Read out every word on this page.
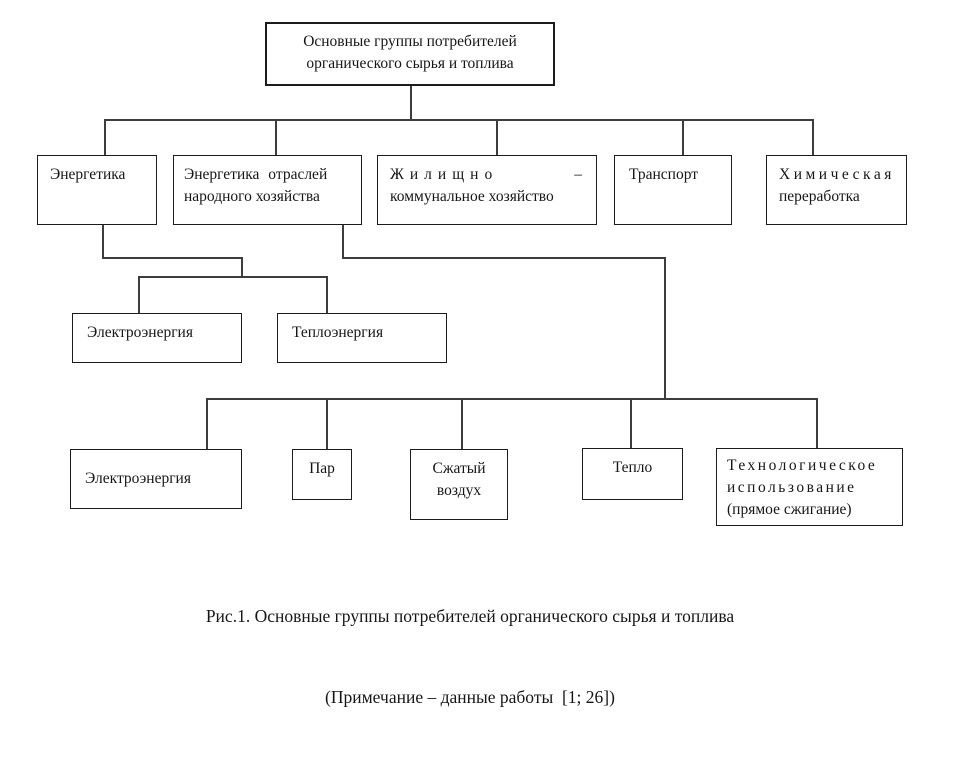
Основные группы потребителей
органического сырья и топлива
Энергетика	Энергетика отраслей
народного хозяйства
Жилищно	–
коммунальное хозяйство
Транспорт	Химическая
переработка
Электроэнергия	Теплоэнергия
Электроэнергия
Пар	Сжатый
воздух
Тепло	Технологическое
использование
(прямое сжигание)

Рис.1. Основные группы потребителей органического сырья и топлива

(Примечание – данные работы  [1; 26])
